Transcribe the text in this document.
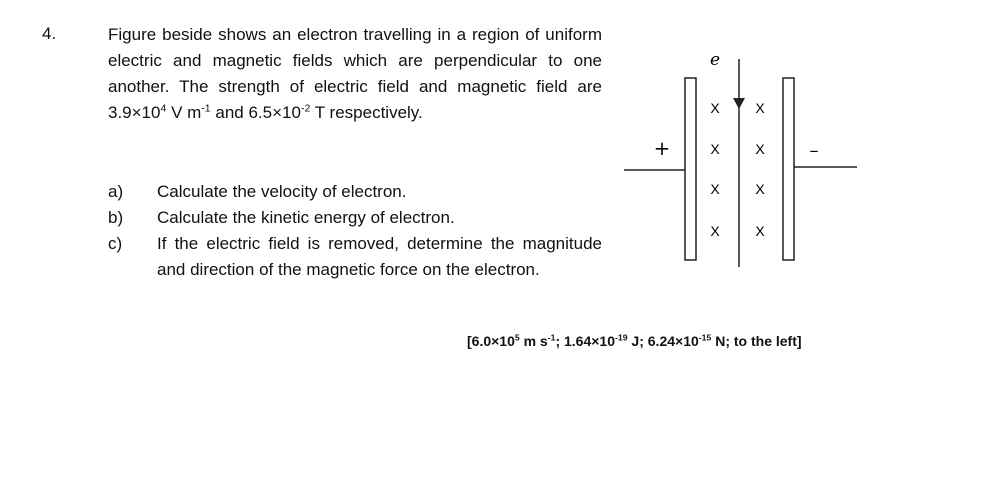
4.	Figure beside shows an electron travelling in a region of uniform electric and magnetic fields which are perpendicular to one another. The strength of electric field and magnetic field are $3.9\times 10^4$ V $m^{-1}$ and $6.5\times 10^{-2}$ T respectively.

a)	Calculate the velocity of electron.
b)	Calculate the kinetic energy of electron.
c)	If the electric field is removed, determine the magnitude and direction of the magnetic force on the electron.
e
+	–
X	X
X	X
X	X
X	X
[$6.0\times 10^5$ m $s^{-1}$; $1.64\times 10^{-19}$ J; $6.24\times 10^{-15}$ N; to the left]
